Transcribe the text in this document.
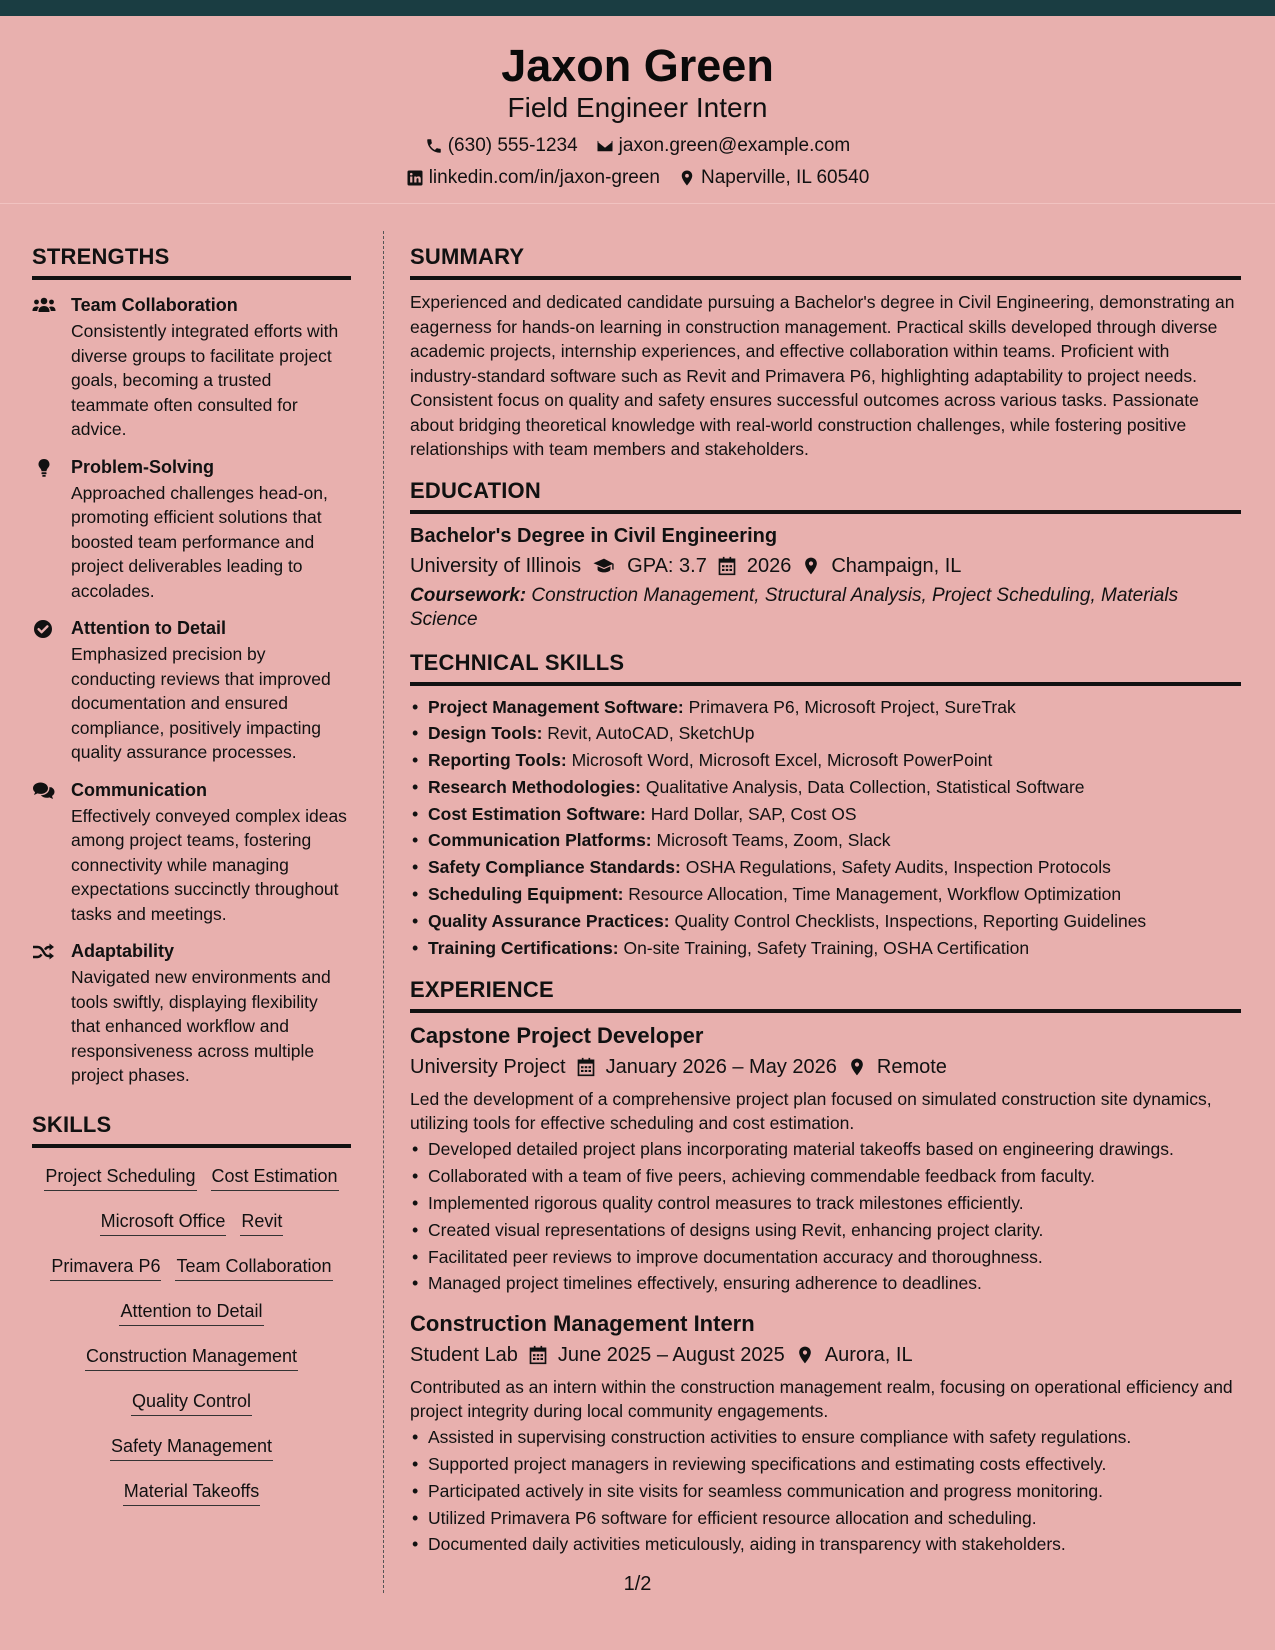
Jaxon Green
Field Engineer Intern
(630) 555-1234 jaxon.green@example.com
linkedin.com/in/jaxon-green Naperville, IL 60540
STRENGTHS
Team Collaboration
Consistently integrated efforts with diverse groups to facilitate project goals, becoming a trusted teammate often consulted for advice.
Problem-Solving
Approached challenges head-on, promoting efficient solutions that boosted team performance and project deliverables leading to accolades.
Attention to Detail
Emphasized precision by conducting reviews that improved documentation and ensured compliance, positively impacting quality assurance processes.
Communication
Effectively conveyed complex ideas among project teams, fostering connectivity while managing expectations succinctly throughout tasks and meetings.
Adaptability
Navigated new environments and tools swiftly, displaying flexibility that enhanced workflow and responsiveness across multiple project phases.
SKILLS
Project Scheduling Cost Estimation
Microsoft Office Revit
Primavera P6 Team Collaboration
Attention to Detail
Construction Management
Quality Control
Safety Management
Material Takeoffs
SUMMARY
Experienced and dedicated candidate pursuing a Bachelor's degree in Civil Engineering, demonstrating an eagerness for hands-on learning in construction management. Practical skills developed through diverse academic projects, internship experiences, and effective collaboration within teams. Proficient with industry-standard software such as Revit and Primavera P6, highlighting adaptability to project needs. Consistent focus on quality and safety ensures successful outcomes across various tasks. Passionate about bridging theoretical knowledge with real-world construction challenges, while fostering positive relationships with team members and stakeholders.
EDUCATION
Bachelor's Degree in Civil Engineering
University of Illinois GPA: 3.7 2026 Champaign, IL
Coursework: Construction Management, Structural Analysis, Project Scheduling, Materials Science
TECHNICAL SKILLS
• Project Management Software: Primavera P6, Microsoft Project, SureTrak
• Design Tools: Revit, AutoCAD, SketchUp
• Reporting Tools: Microsoft Word, Microsoft Excel, Microsoft PowerPoint
• Research Methodologies: Qualitative Analysis, Data Collection, Statistical Software
• Cost Estimation Software: Hard Dollar, SAP, Cost OS
• Communication Platforms: Microsoft Teams, Zoom, Slack
• Safety Compliance Standards: OSHA Regulations, Safety Audits, Inspection Protocols
• Scheduling Equipment: Resource Allocation, Time Management, Workflow Optimization
• Quality Assurance Practices: Quality Control Checklists, Inspections, Reporting Guidelines
• Training Certifications: On-site Training, Safety Training, OSHA Certification
EXPERIENCE
Capstone Project Developer
University Project January 2026 – May 2026 Remote
Led the development of a comprehensive project plan focused on simulated construction site dynamics, utilizing tools for effective scheduling and cost estimation.
• Developed detailed project plans incorporating material takeoffs based on engineering drawings.
• Collaborated with a team of five peers, achieving commendable feedback from faculty.
• Implemented rigorous quality control measures to track milestones efficiently.
• Created visual representations of designs using Revit, enhancing project clarity.
• Facilitated peer reviews to improve documentation accuracy and thoroughness.
• Managed project timelines effectively, ensuring adherence to deadlines.
Construction Management Intern
Student Lab June 2025 – August 2025 Aurora, IL
Contributed as an intern within the construction management realm, focusing on operational efficiency and project integrity during local community engagements.
• Assisted in supervising construction activities to ensure compliance with safety regulations.
• Supported project managers in reviewing specifications and estimating costs effectively.
• Participated actively in site visits for seamless communication and progress monitoring.
• Utilized Primavera P6 software for efficient resource allocation and scheduling.
• Documented daily activities meticulously, aiding in transparency with stakeholders.
1/2
